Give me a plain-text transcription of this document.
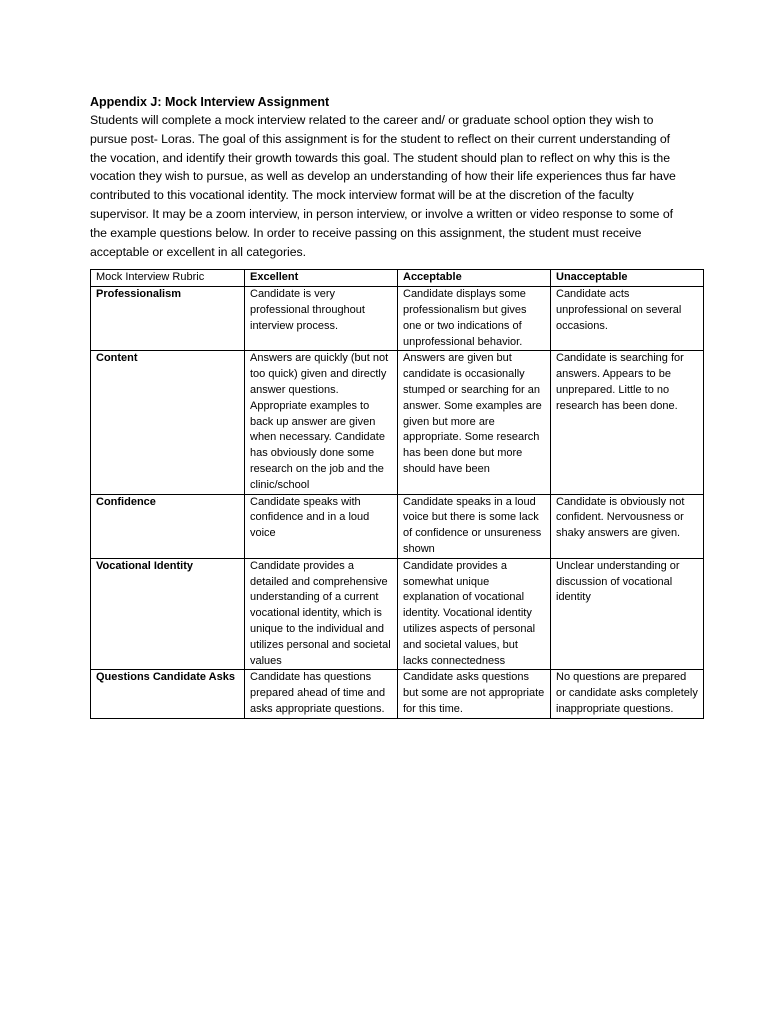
Appendix J: Mock Interview Assignment

Students will complete a mock interview related to the career and/ or graduate school option they wish to pursue post- Loras. The goal of this assignment is for the student to reflect on their current understanding of the vocation, and identify their growth towards this goal. The student should plan to reflect on why this is the vocation they wish to pursue, as well as develop an understanding of how their life experiences thus far have contributed to this vocational identity. The mock interview format will be at the discretion of the faculty supervisor. It may be a zoom interview, in person interview, or involve a written or video response to some of the example questions below. In order to receive passing on this assignment, the student must receive acceptable or excellent in all categories.

Mock Interview Rubric	Excellent	Acceptable	Unacceptable
Professionalism	Candidate is very professional throughout interview process.	Candidate displays some professionalism but gives one or two indications of unprofessional behavior.	Candidate acts unprofessional on several occasions.
Content	Answers are quickly (but not too quick) given and directly answer questions. Appropriate examples to back up answer are given when necessary. Candidate has obviously done some research on the job and the clinic/school	Answers are given but candidate is occasionally stumped or searching for an answer. Some examples are given but more are appropriate. Some research has been done but more should have been	Candidate is searching for answers. Appears to be unprepared. Little to no research has been done.
Confidence	Candidate speaks with confidence and in a loud voice	Candidate speaks in a loud voice but there is some lack of confidence or unsureness shown	Candidate is obviously not confident. Nervousness or shaky answers are given.
Vocational Identity	Candidate provides a detailed and comprehensive understanding of a current vocational identity, which is unique to the individual and utilizes personal and societal values	Candidate provides a somewhat unique explanation of vocational identity. Vocational identity utilizes aspects of personal and societal values, but lacks connectedness	Unclear understanding or discussion of vocational identity
Questions Candidate Asks	Candidate has questions prepared ahead of time and asks appropriate questions.	Candidate asks questions but some are not appropriate for this time.	No questions are prepared or candidate asks completely inappropriate questions.
